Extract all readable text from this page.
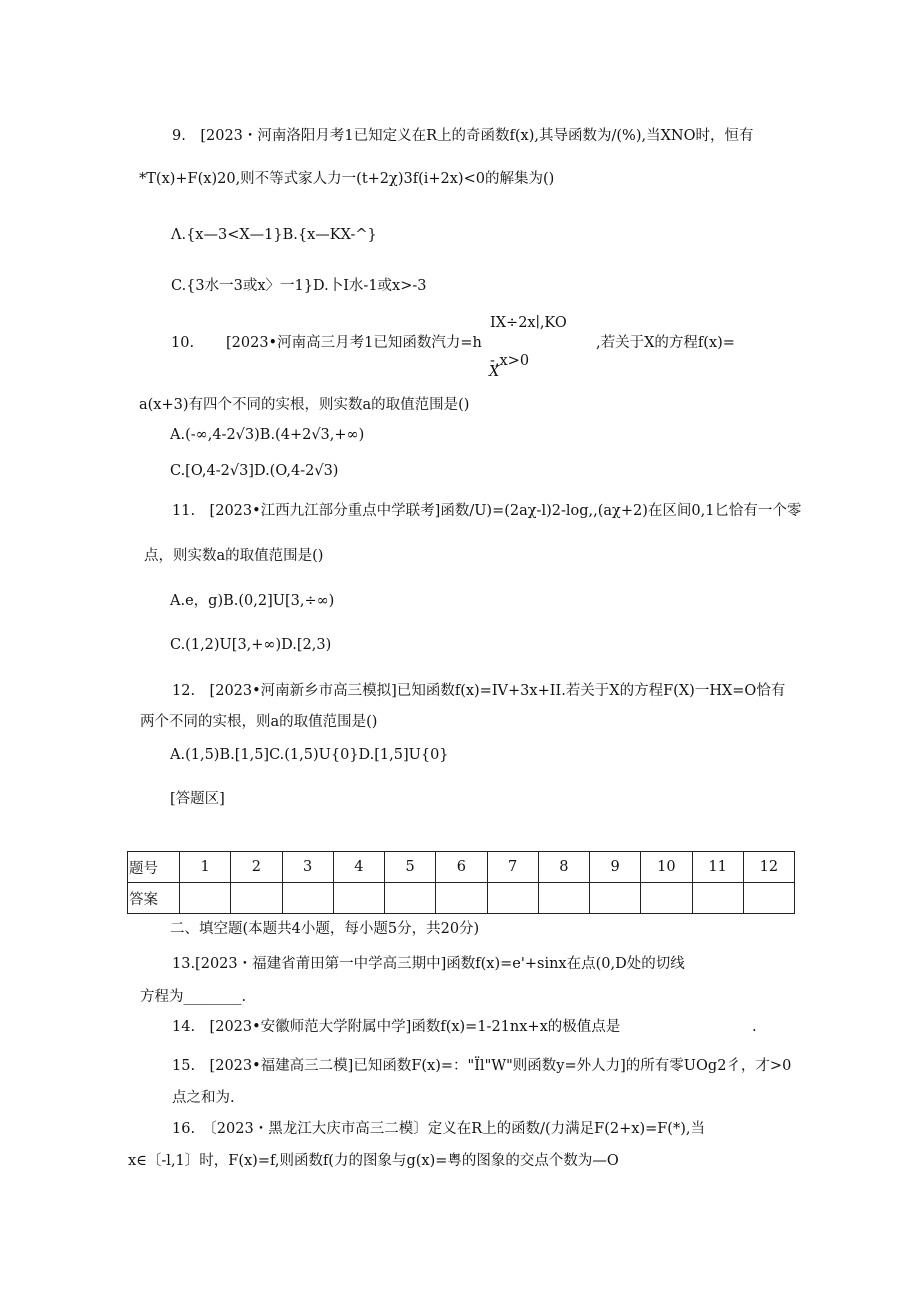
9.　[2023・河南洛阳月考1已知定义在R上的奇函数f(x),其导函数为/(%),当XNO时，恒有
*T(x)+F(x)20,则不等式家人力一(t+2χ)3f(i+2x)<0的解集为()
Λ.{x—3<X—1}B.{x—KX-^}
C.{3水一3或x〉一1}D.卜I水-1或x>-3
10. [2023•河南高三月考1已知函数汽力=h
IX÷2x∣,KO
-,x>0
X
,若关于X的方程f(x)=
a(x+3)有四个不同的实根，则实数a的取值范围是()
A.(-∞,4-2√3)B.(4+2√3,+∞)
C.[O,4-2√3]D.(O,4-2√3)
11.　[2023•江西九江部分重点中学联考]函数/U)=(2aχ-l)2-log,,(aχ+2)在区间0,1匕恰有一个零
点，则实数a的取值范围是()
A.e，g)B.(0,2]U[3,÷∞)
C.(1,2)U[3,+∞)D.[2,3)
12.　[2023•河南新乡市高三模拟]已知函数f(x)=IV+3x+II.若关于X的方程F(X)一HX=O恰有
两个不同的实根，则a的取值范围是()
A.(1,5)B.[1,5]C.(1,5)U{0}D.[1,5]U{0}
[答题区]
题号	1	2	3	4	5	6	7	8	9	10	11	12
答案												
二、填空题(本题共4小题，每小题5分，共20分)
13.[2023・福建省莆田第一中学高三期中]函数f(x)=e'+sinx在点(0,D处的切线
方程为________.
14.　[2023•安徽师范大学附属中学]函数f(x)=1-21nx+x的极值点是	.
15.　[2023•福建高三二模]已知函数F(x)=："Ϊl"W"则函数y=外人力]的所有零UOg2彳，才>0
点之和为.
16.　〔2023・黑龙江大庆市高三二模〕定义在R上的函数/(力满足F(2+x)=F(*),当
x∈〔-l,1〕时，F(x)=f,则函数f(力的图象与g(x)=粤的图象的交点个数为—O
